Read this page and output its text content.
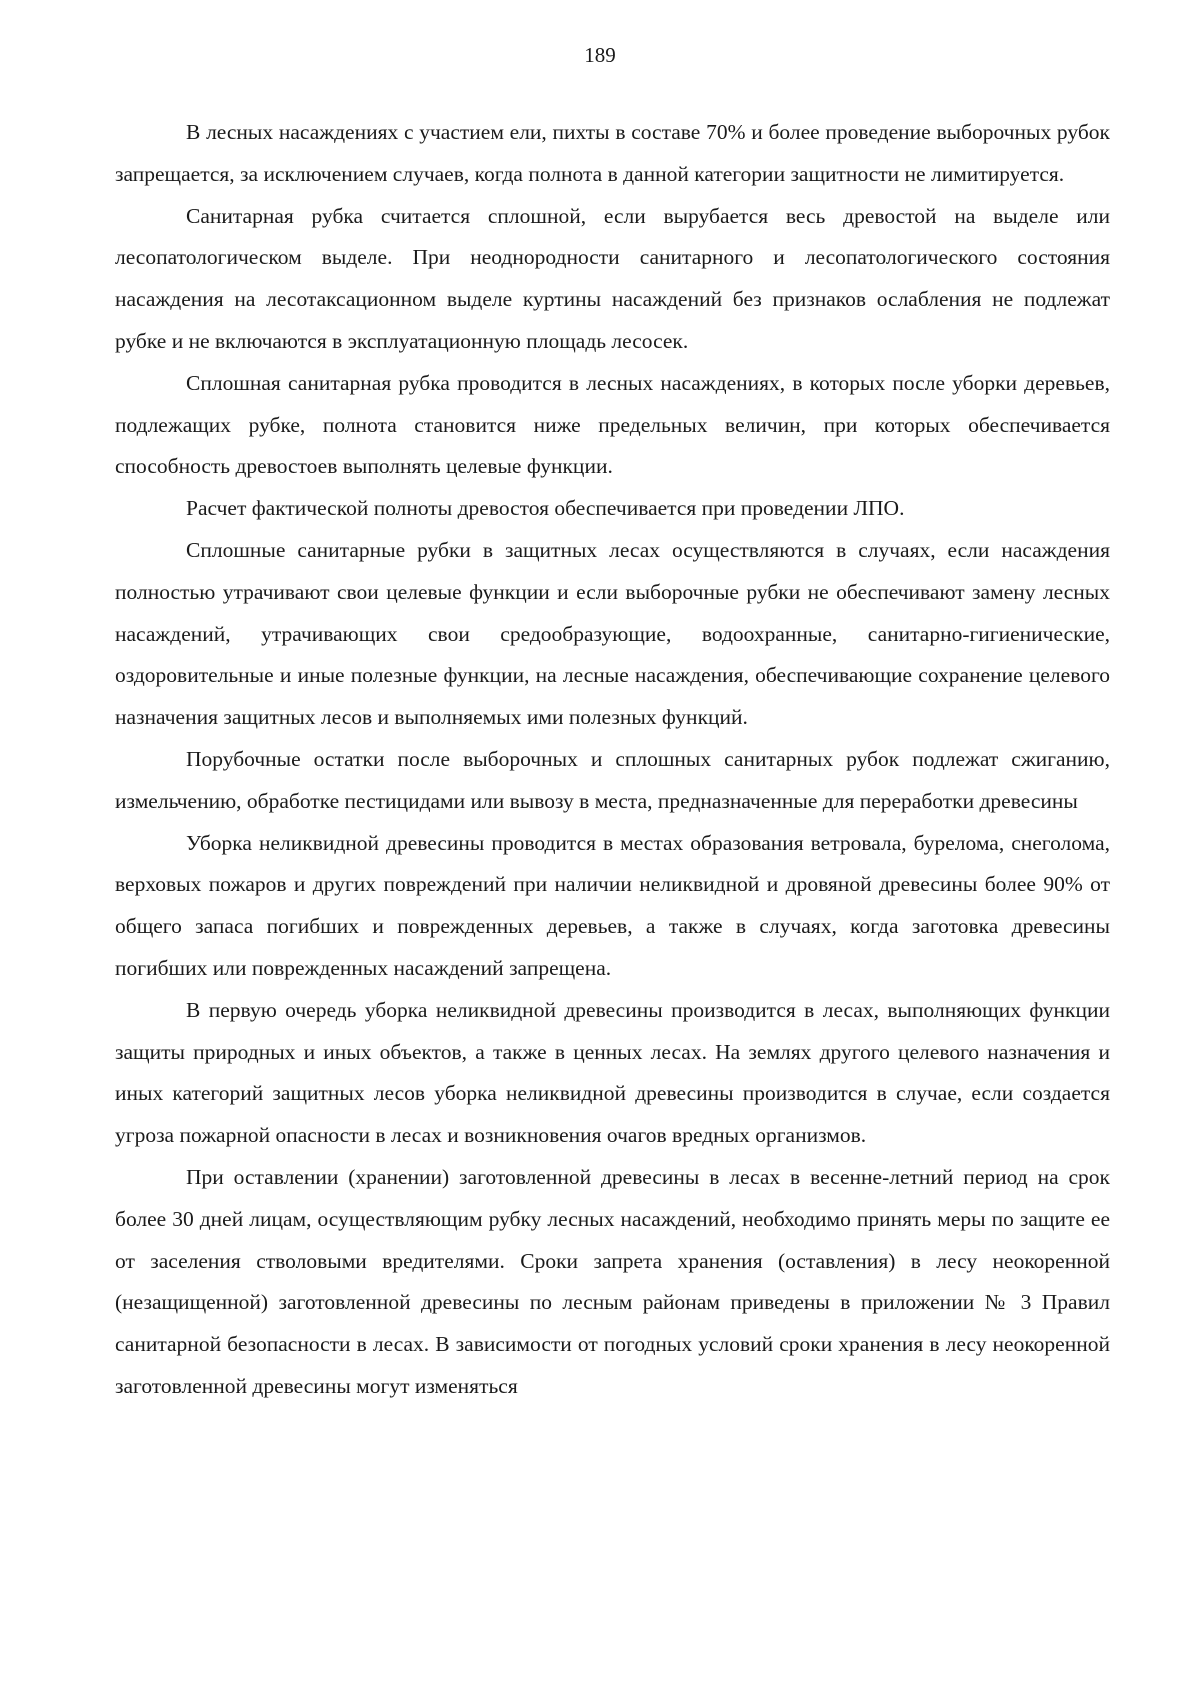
189

В лесных насаждениях с участием ели, пихты в составе 70% и более проведение выборочных рубок запрещается, за исключением случаев, когда полнота в данной категории защитности не лимитируется.

Санитарная рубка считается сплошной, если вырубается весь древостой на выделе или лесопатологическом выделе. При неоднородности санитарного и лесопатологического состояния насаждения на лесотаксационном выделе куртины насаждений без признаков ослабления не подлежат рубке и не включаются в эксплуатационную площадь лесосек.

Сплошная санитарная рубка проводится в лесных насаждениях, в которых после уборки деревьев, подлежащих рубке, полнота становится ниже предельных величин, при которых обеспечивается способность древостоев выполнять целевые функции.

Расчет фактической полноты древостоя обеспечивается при проведении ЛПО.

Сплошные санитарные рубки в защитных лесах осуществляются в случаях, если насаждения полностью утрачивают свои целевые функции и если выборочные рубки не обеспечивают замену лесных насаждений, утрачивающих свои средообразующие, водоохранные, санитарно-гигиенические, оздоровительные и иные полезные функции, на лесные насаждения, обеспечивающие сохранение целевого назначения защитных лесов и выполняемых ими полезных функций.

Порубочные остатки после выборочных и сплошных санитарных рубок подлежат сжиганию, измельчению, обработке пестицидами или вывозу в места, предназначенные для переработки древесины

Уборка неликвидной древесины проводится в местах образования ветровала, бурелома, снеголома, верховых пожаров и других повреждений при наличии неликвидной и дровяной древесины более 90% от общего запаса погибших и поврежденных деревьев, а также в случаях, когда заготовка древесины погибших или поврежденных насаждений запрещена.

В первую очередь уборка неликвидной древесины производится в лесах, выполняющих функции защиты природных и иных объектов, а также в ценных лесах. На землях другого целевого назначения и иных категорий защитных лесов уборка неликвидной древесины производится в случае, если создается угроза пожарной опасности в лесах и возникновения очагов вредных организмов.

При оставлении (хранении) заготовленной древесины в лесах в весенне-летний период на срок более 30 дней лицам, осуществляющим рубку лесных насаждений, необходимо принять меры по защите ее от заселения стволовыми вредителями. Сроки запрета хранения (оставления) в лесу неокоренной (незащищенной) заготовленной древесины по лесным районам приведены в приложении № 3 Правил санитарной безопасности в лесах. В зависимости от погодных условий сроки хранения в лесу неокоренной заготовленной древесины могут изменяться
